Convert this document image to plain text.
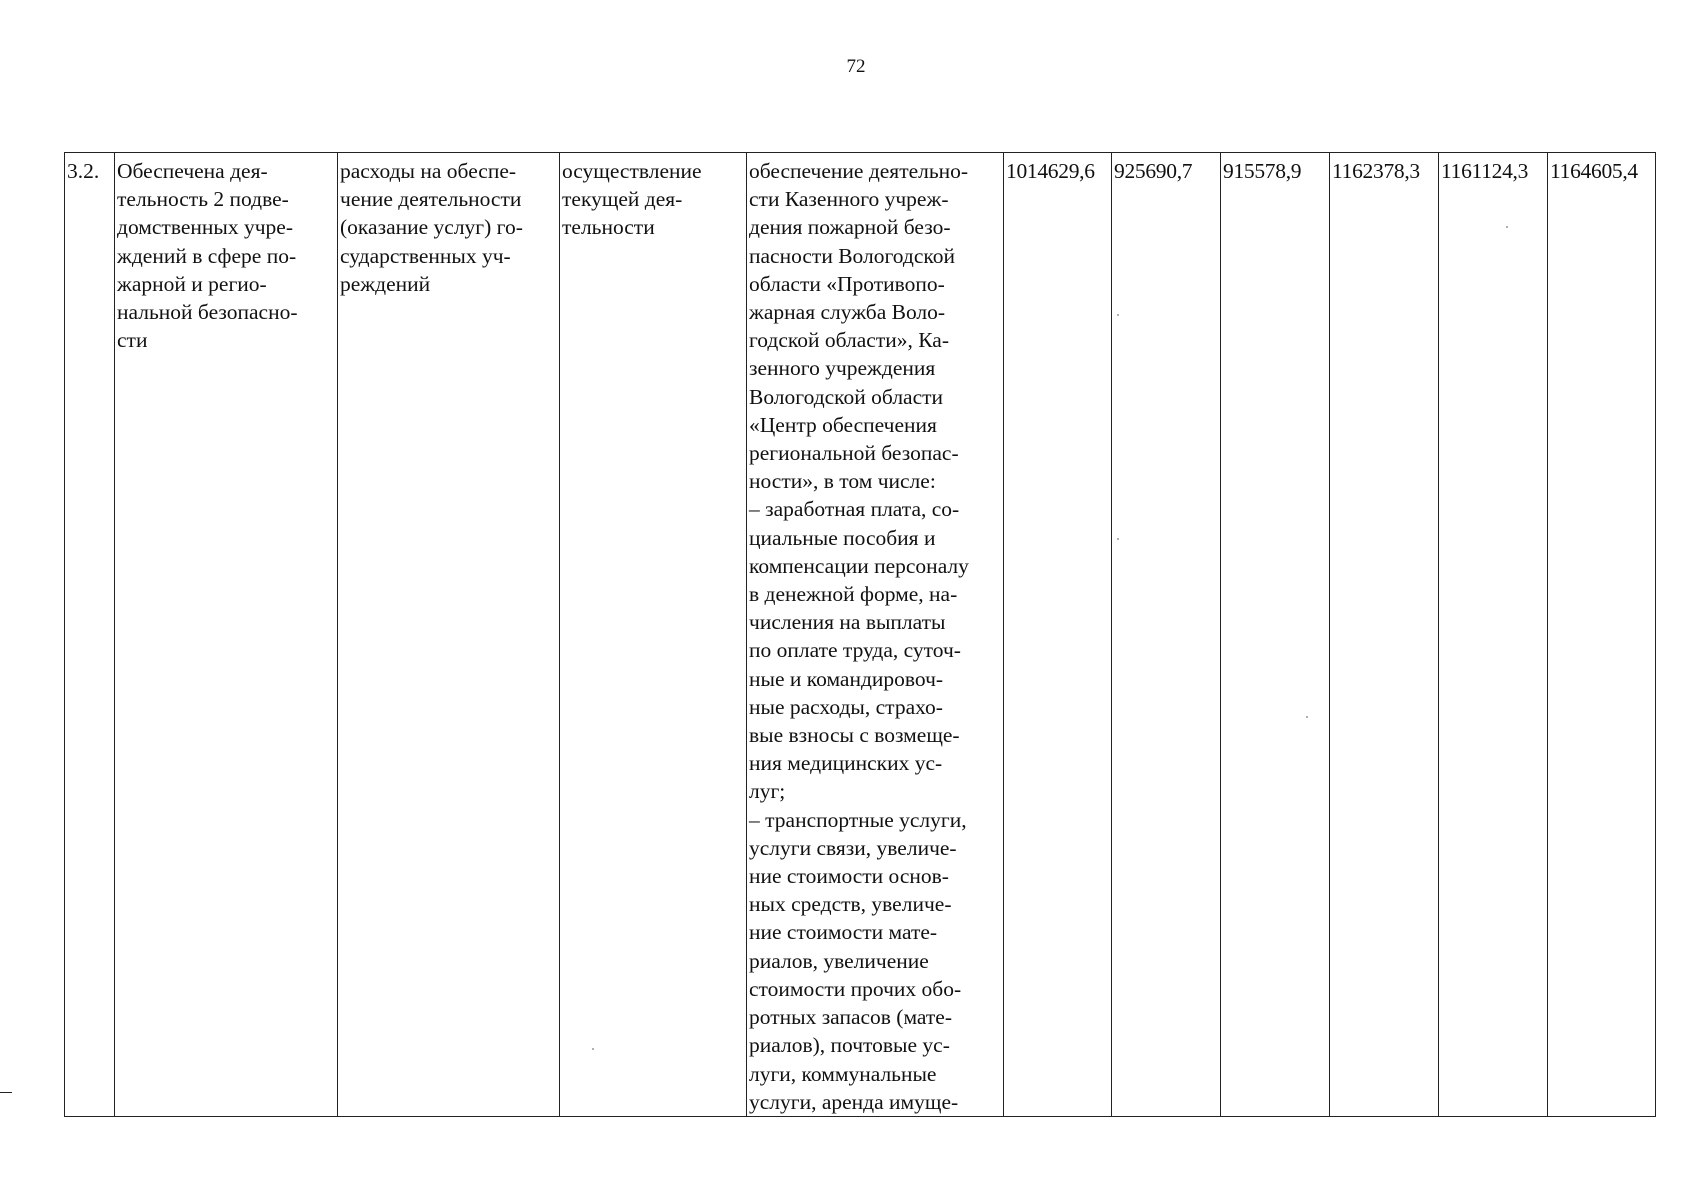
72
3.2.	Обеспечена дея-
тельность 2 подве-
домственных учре-
ждений в сфере по-
жарной и регио-
нальной безопасно-
сти

расходы на обеспе-
чение деятельности
(оказание услуг) го-
сударственных уч-
реждений

осуществление
текущей дея-
тельности

обеспечение деятельно-
сти Казенного учреж-
дения пожарной безо-
пасности Вологодской
области «Противопо-
жарная служба Воло-
годской области», Ка-
зенного учреждения
Вологодской области
«Центр обеспечения
региональной безопас-
ности», в том числе:
– заработная плата, со-
циальные пособия и
компенсации персоналу
в денежной форме, на-
числения на выплаты
по оплате труда, суточ-
ные и командировоч-
ные расходы, страхо-
вые взносы с возмеще-
ния медицинских ус-
луг;
– транспортные услуги,
услуги связи, увеличе-
ние стоимости основ-
ных средств, увеличе-
ние стоимости мате-
риалов, увеличение
стоимости прочих обо-
ротных запасов (мате-
риалов), почтовые ус-
луги, коммунальные
услуги, аренда имуще-

1014629,6	925690,7	915578,9	1162378,3	1161124,3	1164605,4
